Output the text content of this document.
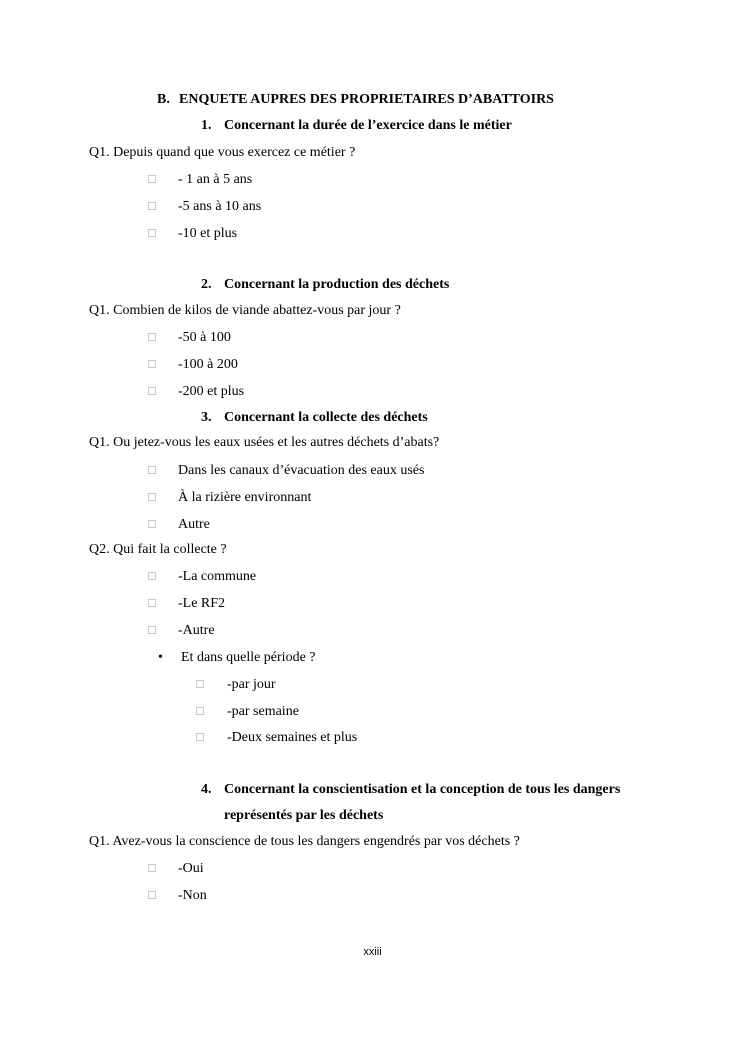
B. ENQUETE AUPRES DES PROPRIETAIRES D’ABATTOIRS
1. Concernant la durée de l’exercice dans le métier
Q1. Depuis quand que vous exercez ce métier ?
- 1 an à 5 ans
-5 ans à 10 ans
-10 et plus
2. Concernant la production des déchets
Q1. Combien de kilos de viande abattez-vous par jour ?
-50 à 100
-100 à 200
-200 et plus
3. Concernant la collecte des déchets
Q1. Ou jetez-vous les eaux usées et les autres déchets d’abats?
Dans les canaux d’évacuation des eaux usés
À la rizière environnant
Autre
Q2. Qui fait la collecte ?
-La commune
-Le RF2
-Autre
• Et dans quelle période ?
-par jour
-par semaine
-Deux semaines et plus
4. Concernant la conscientisation et la conception de tous les dangers
représentés par les déchets
Q1. Avez-vous la conscience de tous les dangers engendrés par vos déchets ?
-Oui
-Non
xxiii
